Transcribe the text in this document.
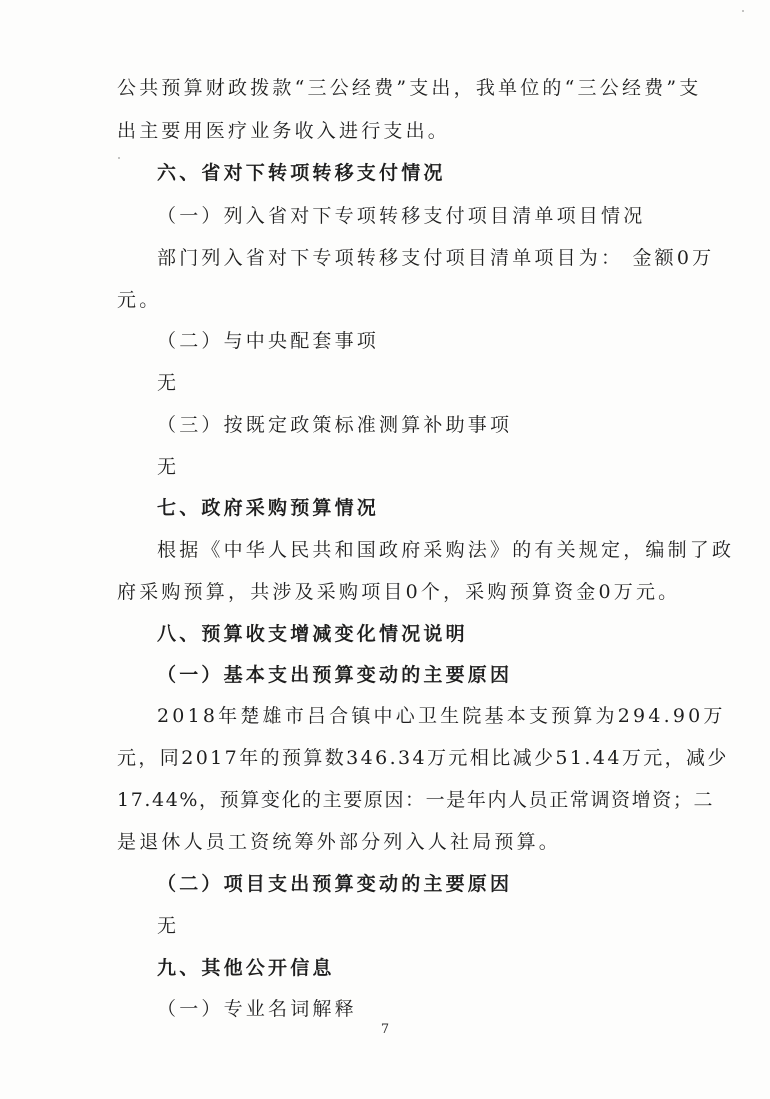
公共预算财政拨款“三公经费”支出，我单位的“三公经费”支
出主要用医疗业务收入进行支出。
六、省对下转项转移支付情况
（一）列入省对下专项转移支付项目清单项目情况
部门列入省对下专项转移支付项目清单项目为： 金额0万
元。
（二）与中央配套事项
无
（三）按既定政策标准测算补助事项
无
七、政府采购预算情况
根据《中华人民共和国政府采购法》的有关规定，编制了政
府采购预算，共涉及采购项目0个，采购预算资金0万元。
八、预算收支增减变化情况说明
（一）基本支出预算变动的主要原因
2018年楚雄市吕合镇中心卫生院基本支预算为294.90万
元，同2017年的预算数346.34万元相比减少51.44万元，减少
17.44%，预算变化的主要原因：一是年内人员正常调资增资；二
是退休人员工资统筹外部分列入人社局预算。
（二）项目支出预算变动的主要原因
无
九、其他公开信息
（一）专业名词解释
7
